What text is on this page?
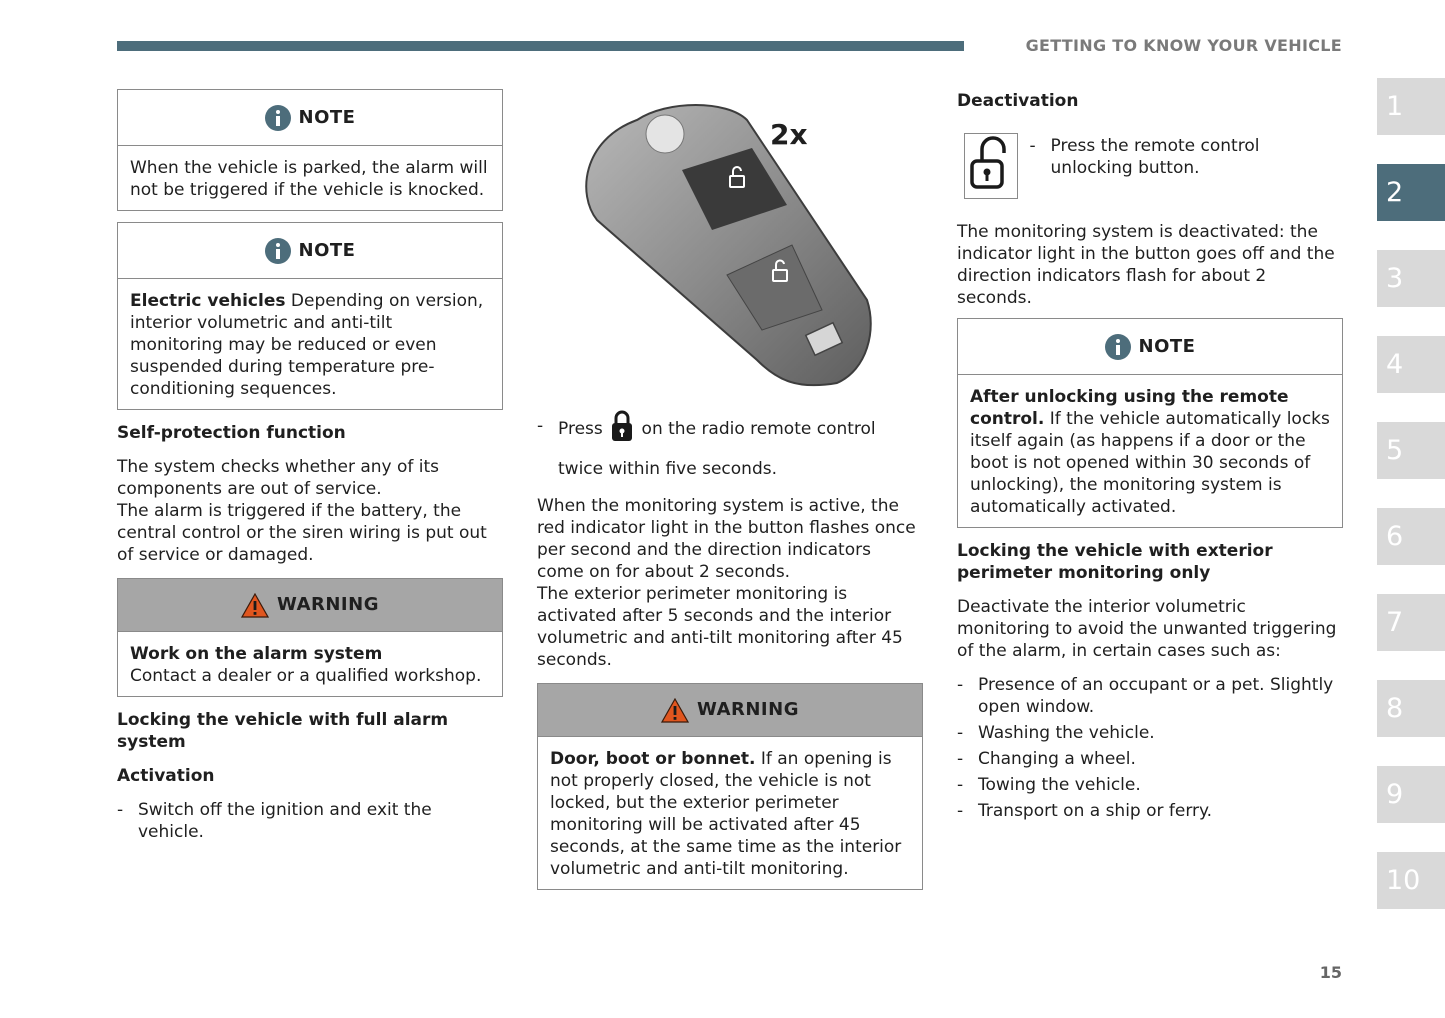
GETTING TO KNOW YOUR VEHICLE
1
2
3
4
5
6
7
8
9
10
NOTE

When the vehicle is parked, the alarm will not be triggered if the vehicle is knocked.

NOTE

Electric vehicles Depending on version, interior volumetric and anti-tilt monitoring may be reduced or even suspended during temperature pre-conditioning sequences.

Self-protection function

The system checks whether any of its components are out of service.

The alarm is triggered if the battery, the central control or the siren wiring is put out of service or damaged.

WARNING

Work on the alarm system

Contact a dealer or a qualified workshop.

Locking the vehicle with full alarm system

Activation

- Switch off the ignition and exit the vehicle.

2x

- Press  on the radio remote control twice within five seconds.

When the monitoring system is active, the red indicator light in the button flashes once per second and the direction indicators come on for about 2 seconds.

The exterior perimeter monitoring is activated after 5 seconds and the interior volumetric and anti-tilt monitoring after 45 seconds.

WARNING

Door, boot or bonnet. If an opening is not properly closed, the vehicle is not locked, but the exterior perimeter monitoring will be activated after 45 seconds, at the same time as the interior volumetric and anti-tilt monitoring.

Deactivation

- Press the remote control unlocking button.

The monitoring system is deactivated: the indicator light in the button goes off and the direction indicators flash for about 2 seconds.

NOTE

After unlocking using the remote control. If the vehicle automatically locks itself again (as happens if a door or the boot is not opened within 30 seconds of unlocking), the monitoring system is automatically activated.

Locking the vehicle with exterior perimeter monitoring only

Deactivate the interior volumetric monitoring to avoid the unwanted triggering of the alarm, in certain cases such as:

- Presence of an occupant or a pet. Slightly open window.

- Washing the vehicle.

- Changing a wheel.

- Towing the vehicle.

- Transport on a ship or ferry.

15
